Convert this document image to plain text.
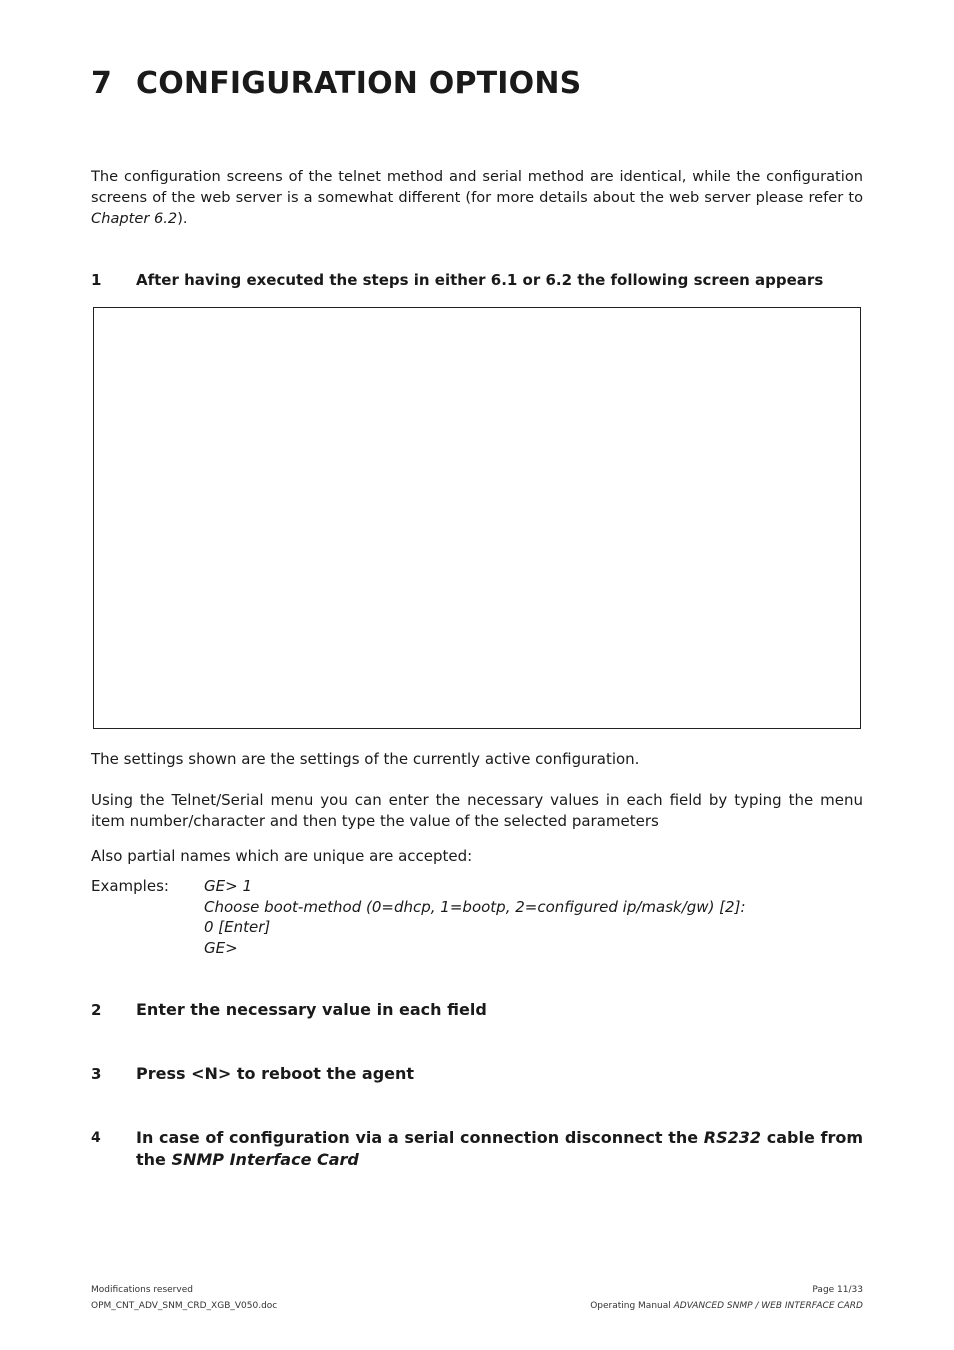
7 CONFIGURATION OPTIONS
The configuration screens of the telnet method and serial method are identical, while the configuration screens of the web server is a somewhat different (for more details about the web server please refer to Chapter 6.2).
1	After having executed the steps in either 6.1 or 6.2 the following screen appears
The settings shown are the settings of the currently active configuration.
Using the Telnet/Serial menu you can enter the necessary values in each field by typing the menu item number/character and then type the value of the selected parameters
Also partial names which are unique are accepted:
Examples: GE> 1
Choose boot-method (0=dhcp, 1=bootp, 2=configured ip/mask/gw) [2]:
0 [Enter]
GE>
2	Enter the necessary value in each field
3	Press <N> to reboot the agent
4	In case of configuration via a serial connection disconnect the RS232 cable from the SNMP Interface Card
Modifications reserved
OPM_CNT_ADV_SNM_CRD_XGB_V050.doc
Page 11/33
Operating Manual ADVANCED SNMP / WEB INTERFACE CARD
